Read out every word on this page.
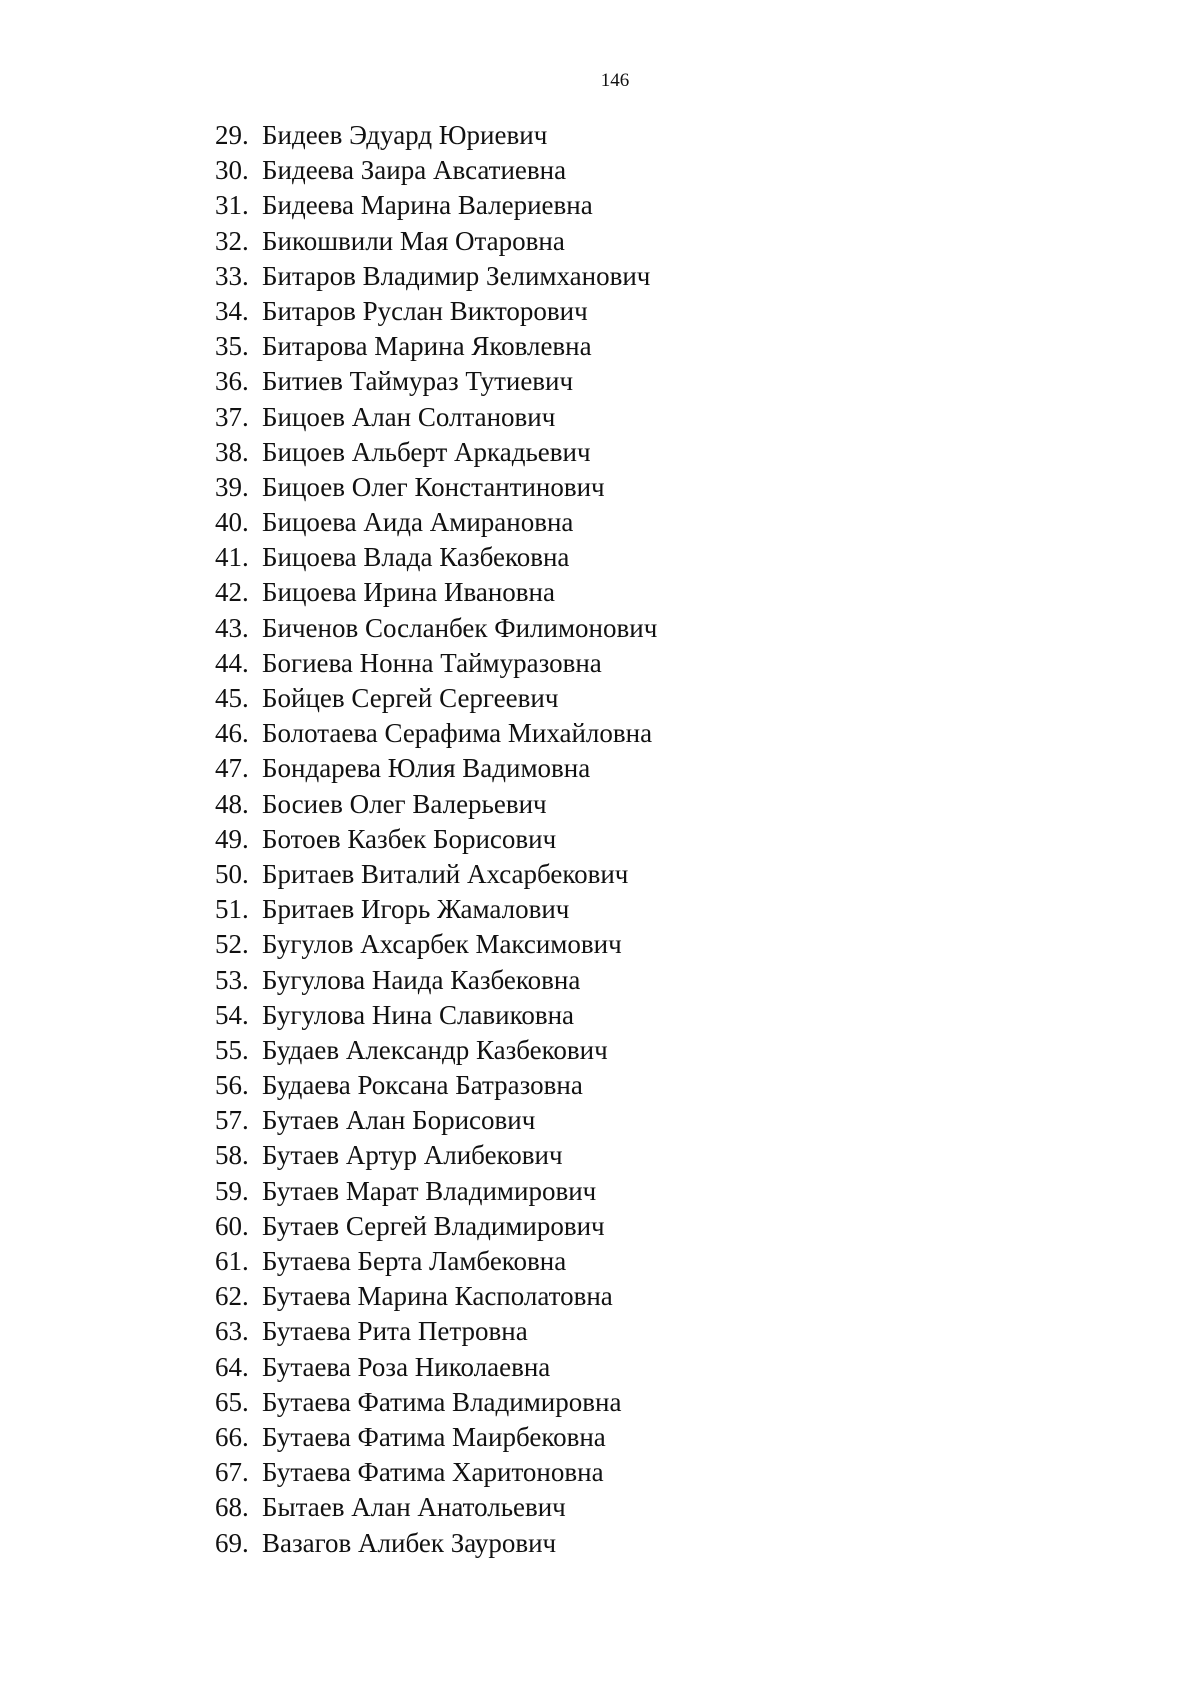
146
29. Бидеев Эдуард Юриевич
30. Бидеева Заира Авсатиевна
31. Бидеева Марина Валериевна
32. Бикошвили Мая Отаровна
33. Битаров Владимир Зелимханович
34. Битаров Руслан Викторович
35. Битарова Марина Яковлевна
36. Битиев Таймураз Тутиевич
37. Бицоев Алан Солтанович
38. Бицоев Альберт Аркадьевич
39. Бицоев Олег Константинович
40. Бицоева Аида Амирановна
41. Бицоева Влада Казбековна
42. Бицоева Ирина Ивановна
43. Биченов Сосланбек Филимонович
44. Богиева Нонна Таймуразовна
45. Бойцев Сергей Сергеевич
46. Болотаева Серафима Михайловна
47. Бондарева Юлия Вадимовна
48. Босиев Олег Валерьевич
49. Ботоев Казбек Борисович
50. Бритаев Виталий Ахсарбекович
51. Бритаев Игорь Жамалович
52. Бугулов Ахсарбек Максимович
53. Бугулова Наида Казбековна
54. Бугулова Нина Славиковна
55. Будаев Александр Казбекович
56. Будаева Роксана Батразовна
57. Бутаев Алан Борисович
58. Бутаев Артур Алибекович
59. Бутаев Марат Владимирович
60. Бутаев Сергей Владимирович
61. Бутаева Берта Ламбековна
62. Бутаева Марина Касполатовна
63. Бутаева Рита Петровна
64. Бутаева Роза Николаевна
65. Бутаева Фатима Владимировна
66. Бутаева Фатима Маирбековна
67. Бутаева Фатима Харитоновна
68. Бытаев Алан Анатольевич
69. Вазагов Алибек Заурович
